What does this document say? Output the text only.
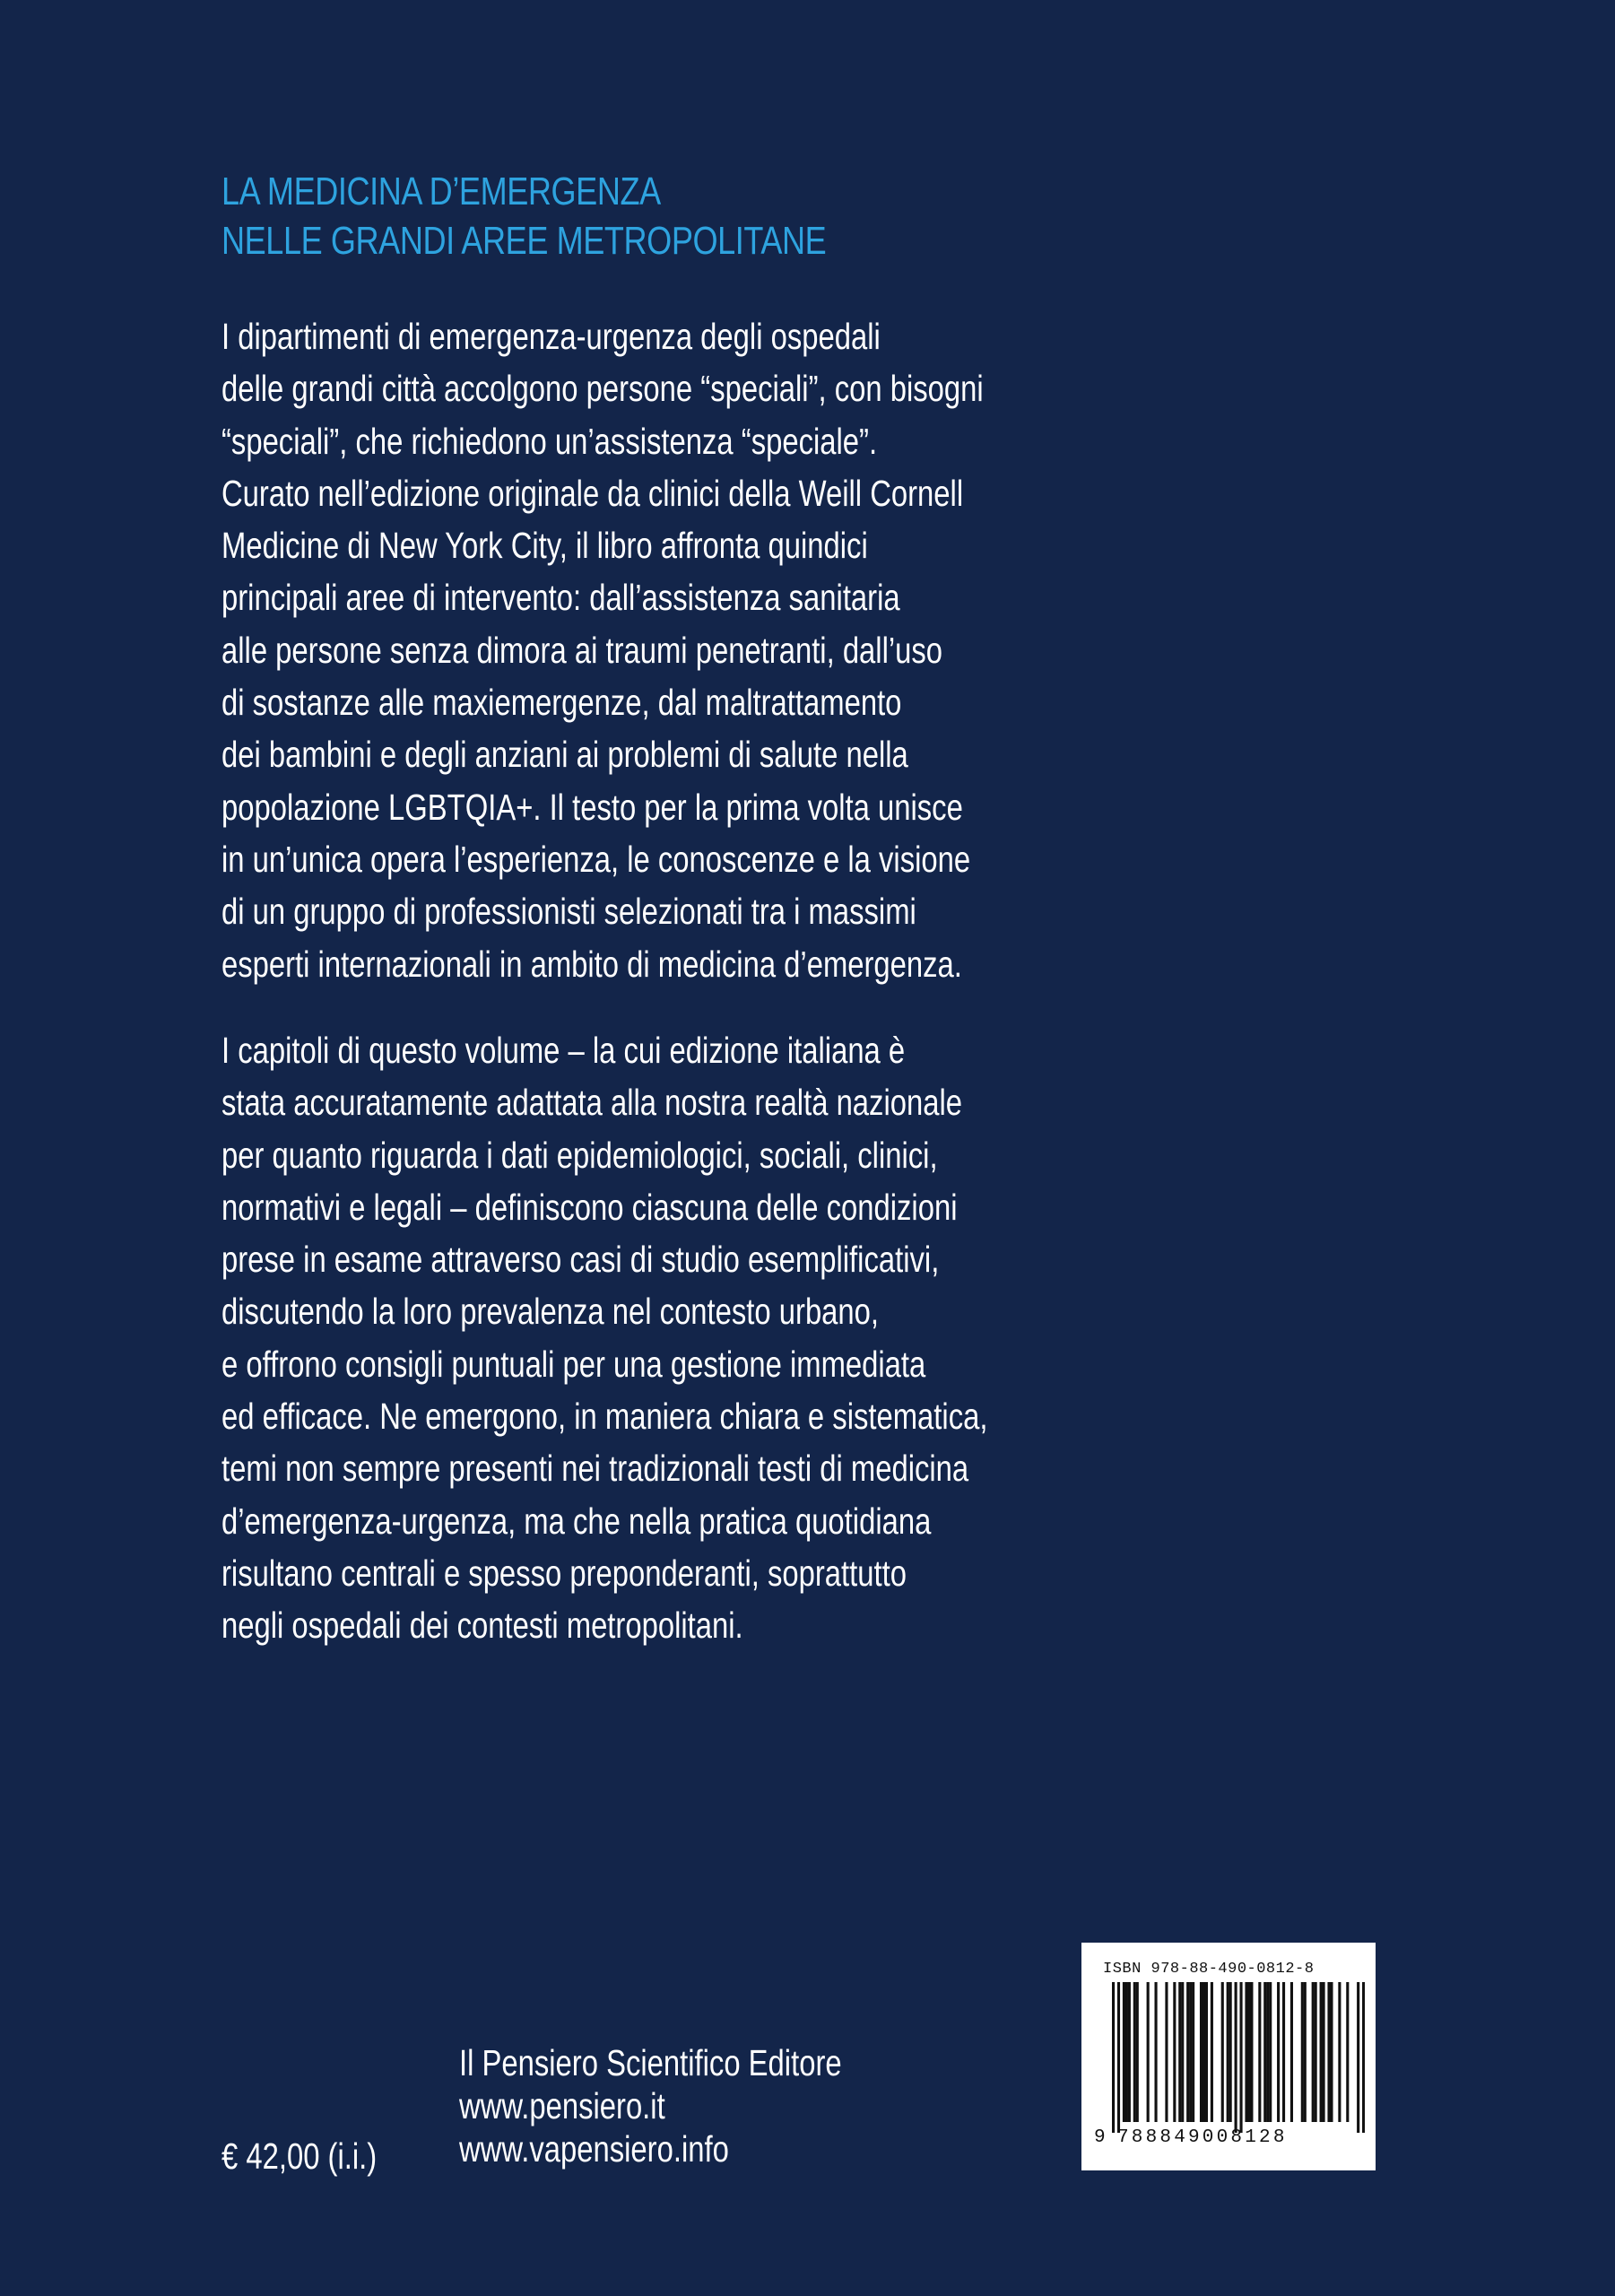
LA MEDICINA D’EMERGENZA
NELLE GRANDI AREE METROPOLITANE
I dipartimenti di emergenza-urgenza degli ospedali
delle grandi città accolgono persone “speciali”, con bisogni
“speciali”, che richiedono un’assistenza “speciale”.
Curato nell’edizione originale da clinici della Weill Cornell
Medicine di New York City, il libro affronta quindici
principali aree di intervento: dall’assistenza sanitaria
alle persone senza dimora ai traumi penetranti, dall’uso
di sostanze alle maxiemergenze, dal maltrattamento
dei bambini e degli anziani ai problemi di salute nella
popolazione LGBTQIA+. Il testo per la prima volta unisce
in un’unica opera l’esperienza, le conoscenze e la visione
di un gruppo di professionisti selezionati tra i massimi
esperti internazionali in ambito di medicina d’emergenza.
I capitoli di questo volume – la cui edizione italiana è
stata accuratamente adattata alla nostra realtà nazionale
per quanto riguarda i dati epidemiologici, sociali, clinici,
normativi e legali – definiscono ciascuna delle condizioni
prese in esame attraverso casi di studio esemplificativi,
discutendo la loro prevalenza nel contesto urbano,
e offrono consigli puntuali per una gestione immediata
ed efficace. Ne emergono, in maniera chiara e sistematica,
temi non sempre presenti nei tradizionali testi di medicina
d’emergenza-urgenza, ma che nella pratica quotidiana
risultano centrali e spesso preponderanti, soprattutto
negli ospedali dei contesti metropolitani.
Il Pensiero Scientifico Editore
www.pensiero.it
www.vapensiero.info
€ 42,00 (i.i.)
ISBN 978-88-490-0812-8
9 788849008128
